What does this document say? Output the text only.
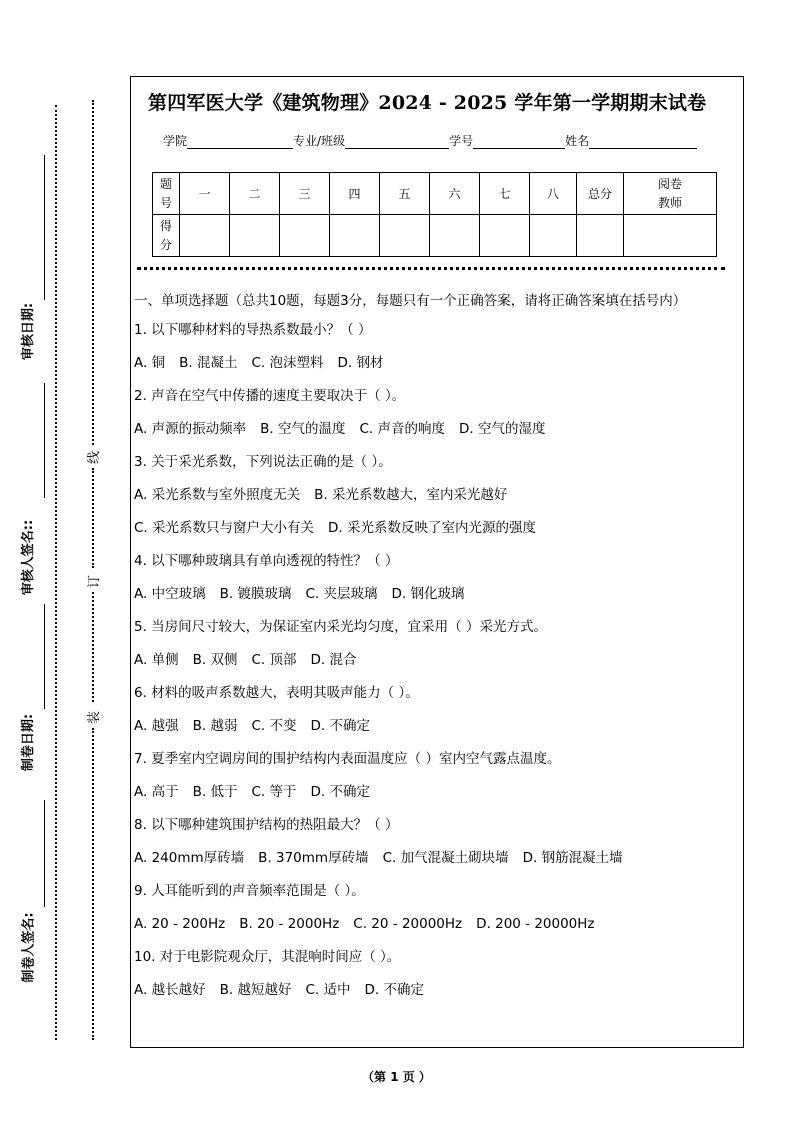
审核日期:
审核人签名::
制卷日期:
制卷人签名:
线
订
装
第四军医大学《建筑物理》2024 - 2025 学年第一学期期末试卷
学院	专业/班级	学号	姓名
题
号	一	二	三	四	五	六	七	八	总分	阅卷
教师
得
分										
一、单项选择题（总共10题，每题3分，每题只有一个正确答案，请将正确答案填在括号内）
1. 以下哪种材料的导热系数最小？（ ）
A. 铜 B. 混凝土 C. 泡沫塑料 D. 钢材
2. 声音在空气中传播的速度主要取决于（ ）。
A. 声源的振动频率 B. 空气的温度 C. 声音的响度 D. 空气的湿度
3. 关于采光系数，下列说法正确的是（ ）。
A. 采光系数与室外照度无关 B. 采光系数越大，室内采光越好
C. 采光系数只与窗户大小有关 D. 采光系数反映了室内光源的强度
4. 以下哪种玻璃具有单向透视的特性？（ ）
A. 中空玻璃 B. 镀膜玻璃 C. 夹层玻璃 D. 钢化玻璃
5. 当房间尺寸较大，为保证室内采光均匀度，宜采用（ ）采光方式。
A. 单侧 B. 双侧 C. 顶部 D. 混合
6. 材料的吸声系数越大，表明其吸声能力（ ）。
A. 越强 B. 越弱 C. 不变 D. 不确定
7. 夏季室内空调房间的围护结构内表面温度应（ ）室内空气露点温度。
A. 高于 B. 低于 C. 等于 D. 不确定
8. 以下哪种建筑围护结构的热阻最大？（ ）
A. 240mm厚砖墙 B. 370mm厚砖墙 C. 加气混凝土砌块墙 D. 钢筋混凝土墙
9. 人耳能听到的声音频率范围是（ ）。
A. 20 - 200Hz B. 20 - 2000Hz C. 20 - 20000Hz D. 200 - 20000Hz
10. 对于电影院观众厅，其混响时间应（ ）。
A. 越长越好 B. 越短越好 C. 适中 D. 不确定
（第 1 页 ）
